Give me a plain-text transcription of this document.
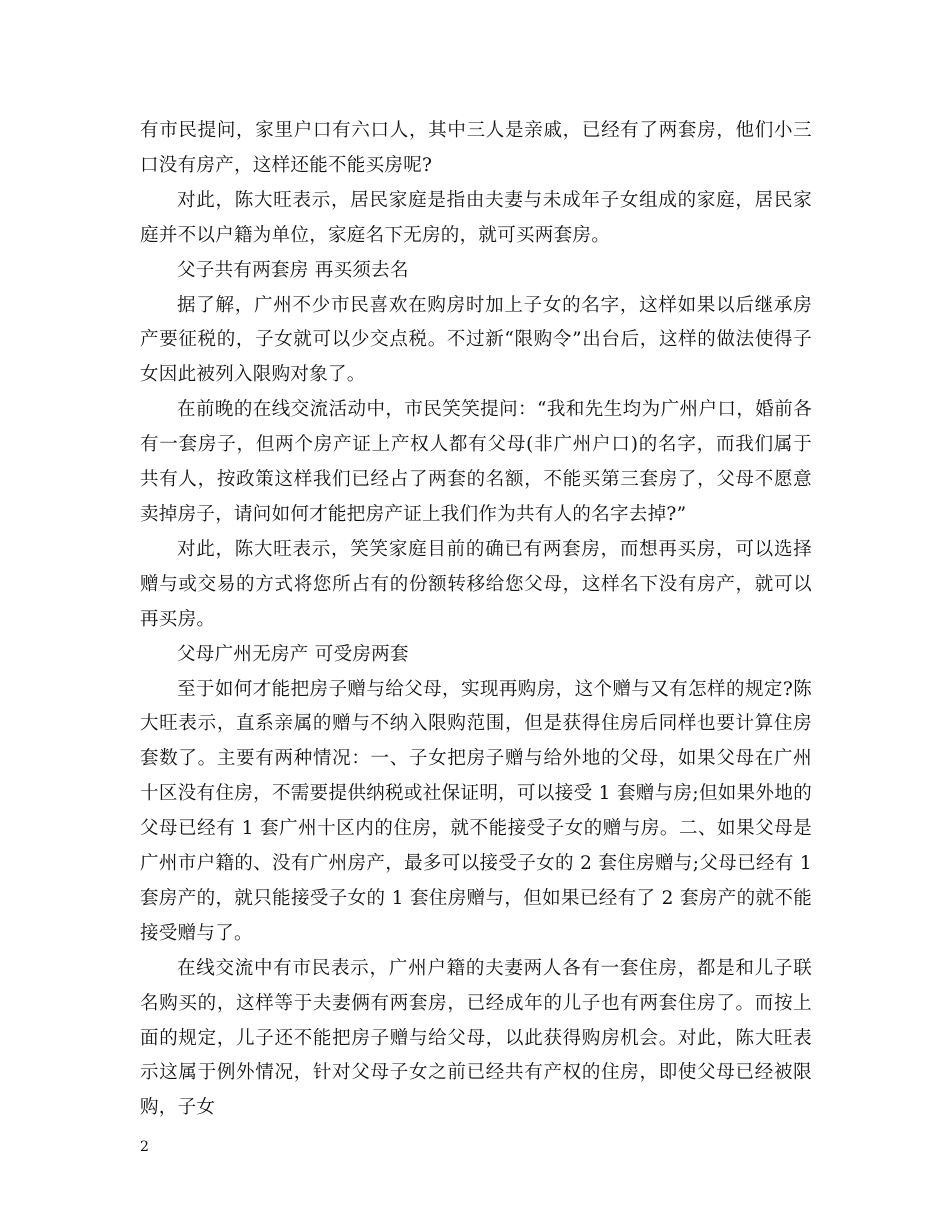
有市民提问，家里户口有六口人，其中三人是亲戚，已经有了两套房，他们小三口没有房产，这样还能不能买房呢?

对此，陈大旺表示，居民家庭是指由夫妻与未成年子女组成的家庭，居民家庭并不以户籍为单位，家庭名下无房的，就可买两套房。

父子共有两套房 再买须去名

据了解，广州不少市民喜欢在购房时加上子女的名字，这样如果以后继承房产要征税的，子女就可以少交点税。不过新“限购令”出台后，这样的做法使得子女因此被列入限购对象了。

在前晚的在线交流活动中，市民笑笑提问：“我和先生均为广州户口，婚前各有一套房子，但两个房产证上产权人都有父母(非广州户口)的名字，而我们属于共有人，按政策这样我们已经占了两套的名额，不能买第三套房了，父母不愿意卖掉房子，请问如何才能把房产证上我们作为共有人的名字去掉?”

对此，陈大旺表示，笑笑家庭目前的确已有两套房，而想再买房，可以选择赠与或交易的方式将您所占有的份额转移给您父母，这样名下没有房产，就可以再买房。

父母广州无房产 可受房两套

至于如何才能把房子赠与给父母，实现再购房，这个赠与又有怎样的规定?陈大旺表示，直系亲属的赠与不纳入限购范围，但是获得住房后同样也要计算住房套数了。主要有两种情况：一、子女把房子赠与给外地的父母，如果父母在广州十区没有住房，不需要提供纳税或社保证明，可以接受 1 套赠与房;但如果外地的父母已经有 1 套广州十区内的住房，就不能接受子女的赠与房。二、如果父母是广州市户籍的、没有广州房产，最多可以接受子女的 2 套住房赠与;父母已经有 1 套房产的，就只能接受子女的 1 套住房赠与，但如果已经有了 2 套房产的就不能接受赠与了。

在线交流中有市民表示，广州户籍的夫妻两人各有一套住房，都是和儿子联名购买的，这样等于夫妻俩有两套房，已经成年的儿子也有两套住房了。而按上面的规定，儿子还不能把房子赠与给父母，以此获得购房机会。对此，陈大旺表示这属于例外情况，针对父母子女之前已经共有产权的住房，即使父母已经被限购，子女

2
